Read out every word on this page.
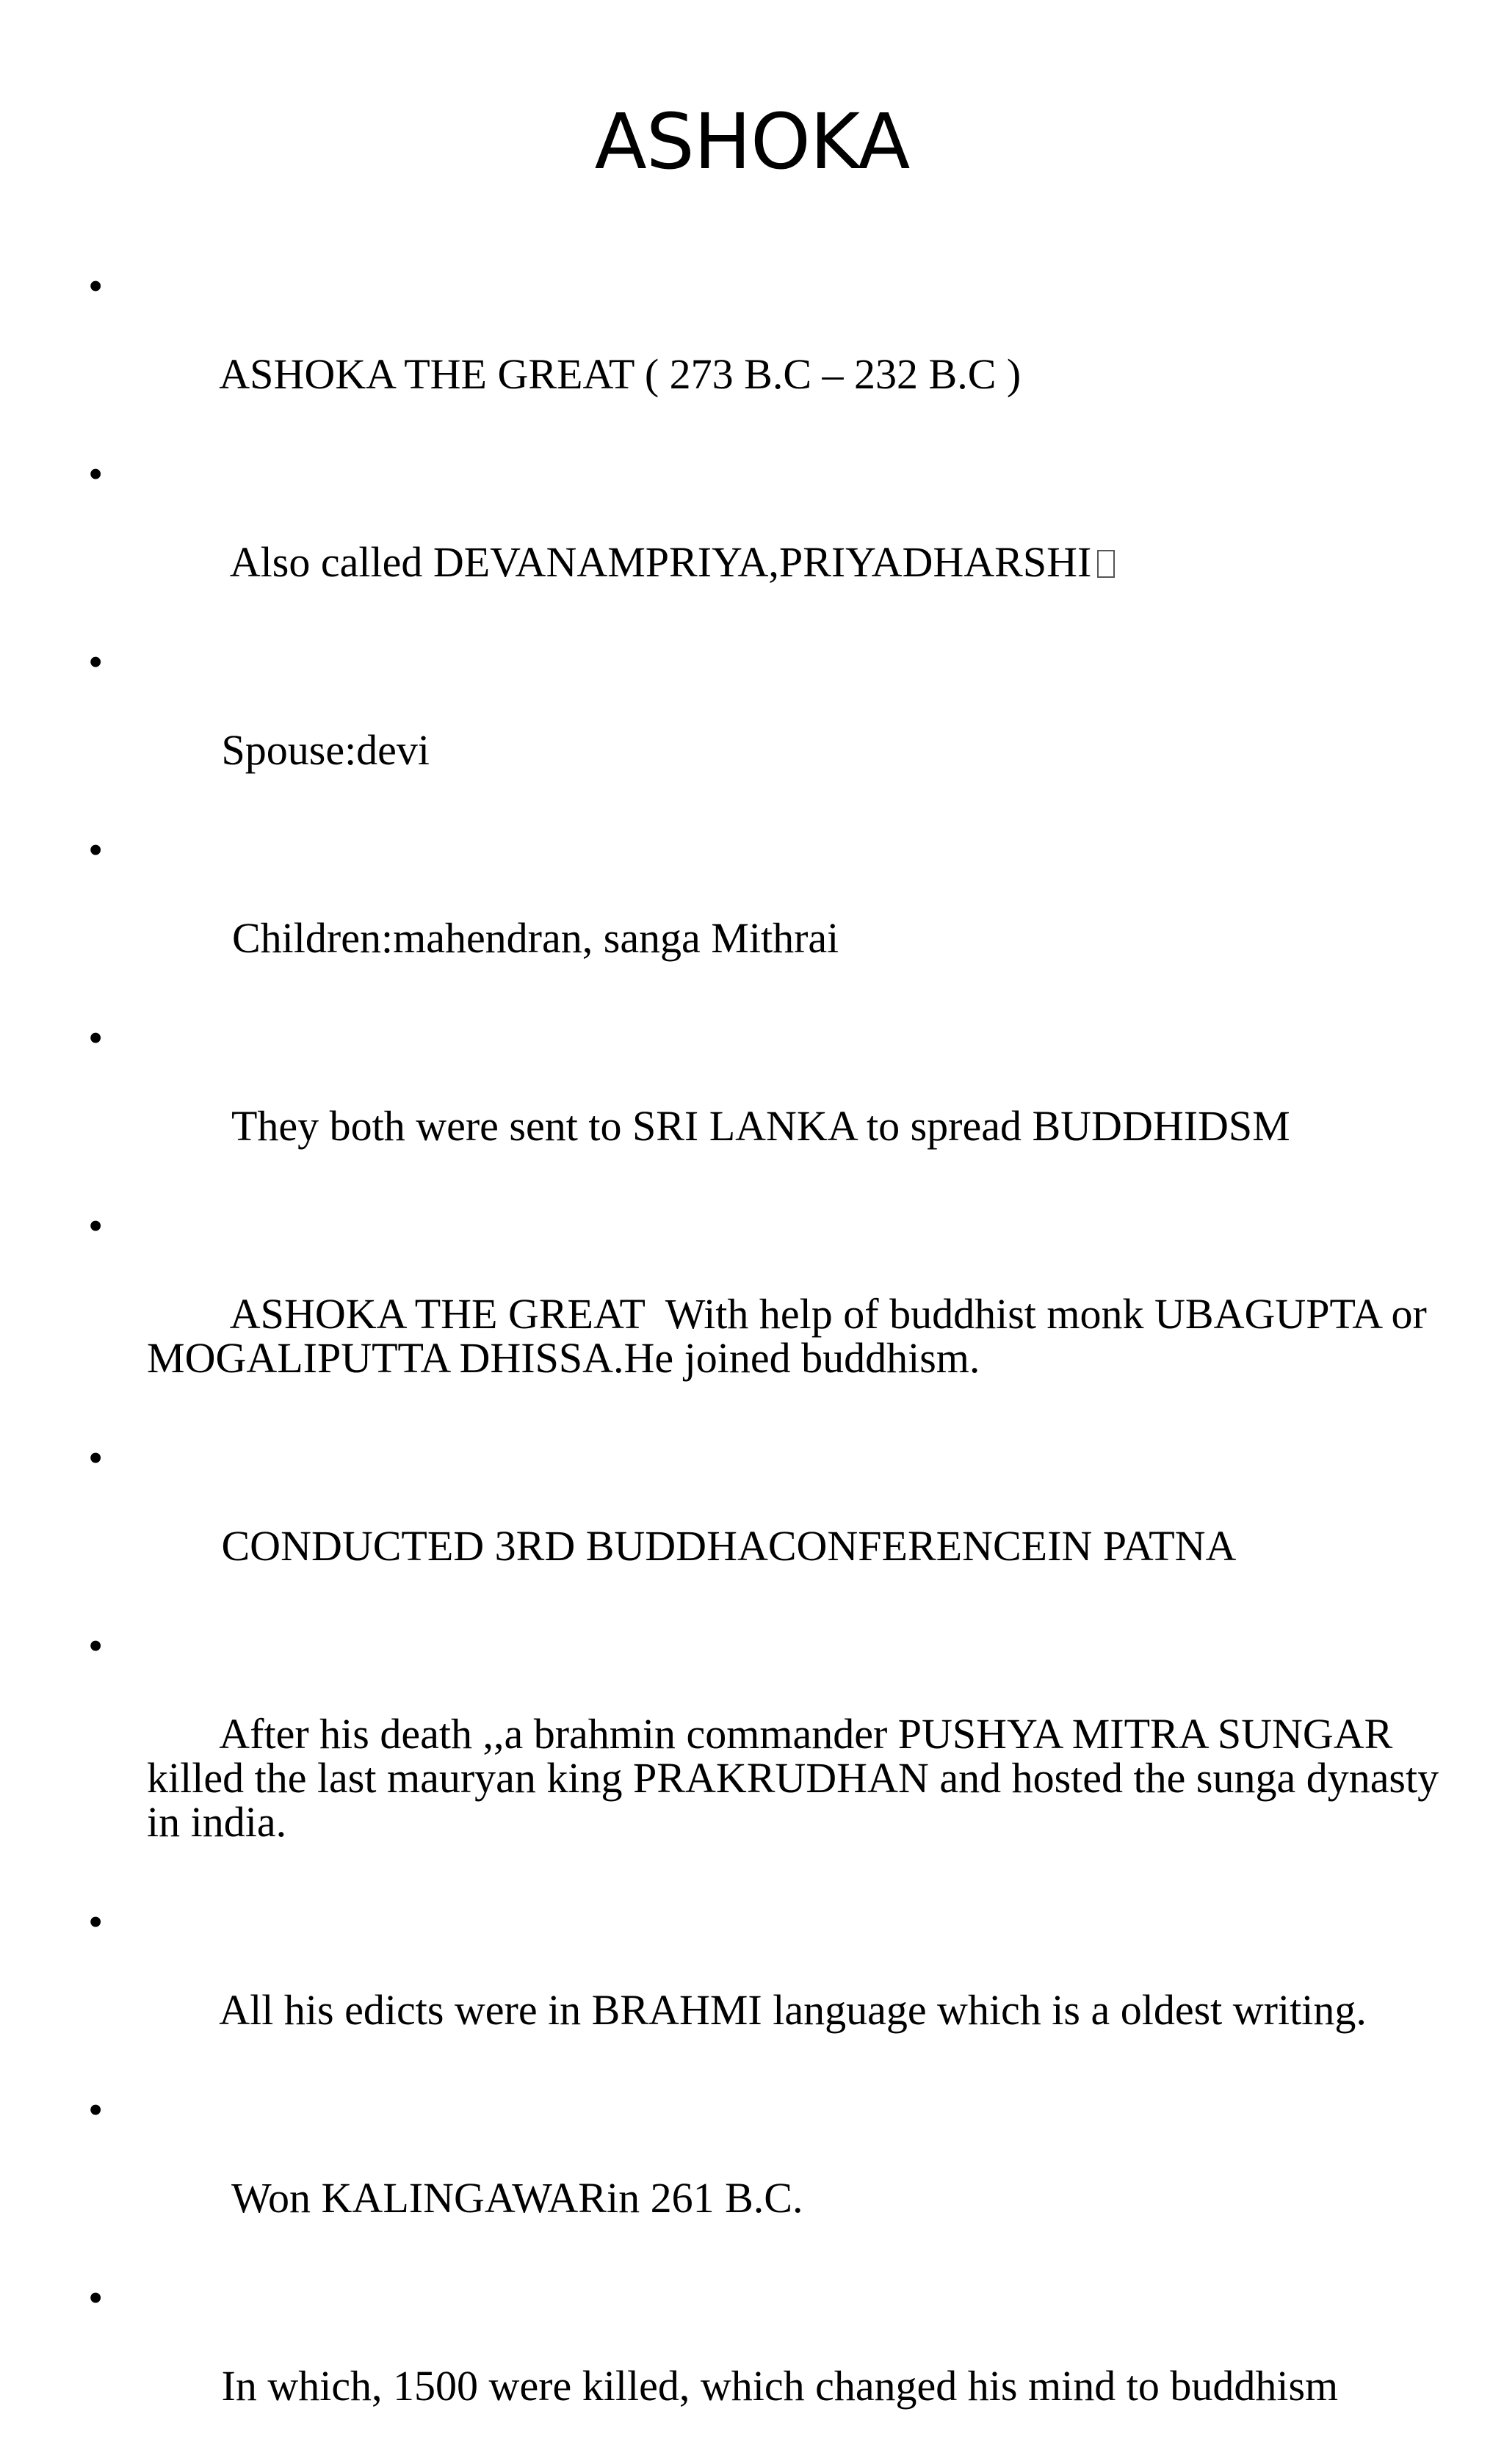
ASHOKA

•

ASHOKA THE GREAT ( 273 B.C – 232 B.C )

•

Also called DEVANAMPRIYA,PRIYADHARSHI

•

Spouse:devi

•

Children:mahendran, sanga Mithrai

•

They both were sent to SRI LANKA to spread BUDDHIDSM

•

ASHOKA THE GREAT  With help of buddhist monk UBAGUPTA or MOGALIPUTTA DHISSA.He joined buddhism.

•

CONDUCTED 3RD BUDDHACONFERENCEIN PATNA

•

After his death ,,a brahmin commander PUSHYA MITRA SUNGAR killed the last mauryan king PRAKRUDHAN and hosted the sunga dynasty in india.

•

All his edicts were in BRAHMI language which is a oldest writing.

•

Won KALINGAWARin 261 B.C.

•

In which, 1500 were killed, which changed his mind to buddhism
